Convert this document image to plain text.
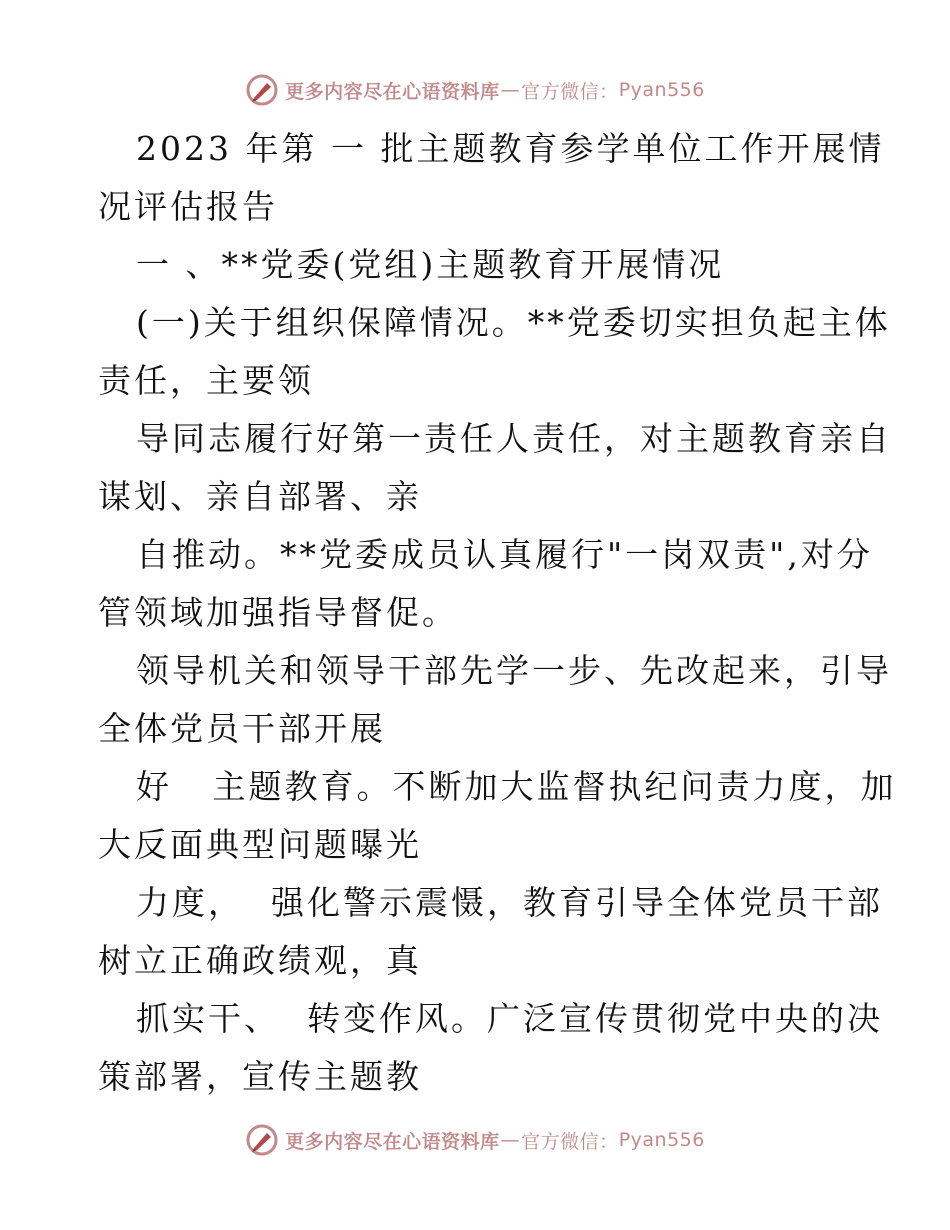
更多内容尽在心语资料库 — 官方微信： Pyan556
2023 年第 一 批主题教育参学单位工作开展情
况评估报告
一 、**党委(党组)主题教育开展情况
(一)关于组织保障情况。**党委切实担负起主体
责任，主要领
导同志履行好第一责任人责任，对主题教育亲自
谋划、亲自部署、亲
自推动。**党委成员认真履行"一岗双责",对分
管领域加强指导督促。
领导机关和领导干部先学一步、先改起来，引导
全体党员干部开展
好   主题教育。不断加大监督执纪问责力度，加
大反面典型问题曝光
力度，  强化警示震慑，教育引导全体党员干部
树立正确政绩观，真
抓实干、  转变作风。广泛宣传贯彻党中央的决
策部署，宣传主题教
更多内容尽在心语资料库 — 官方微信： Pyan556
